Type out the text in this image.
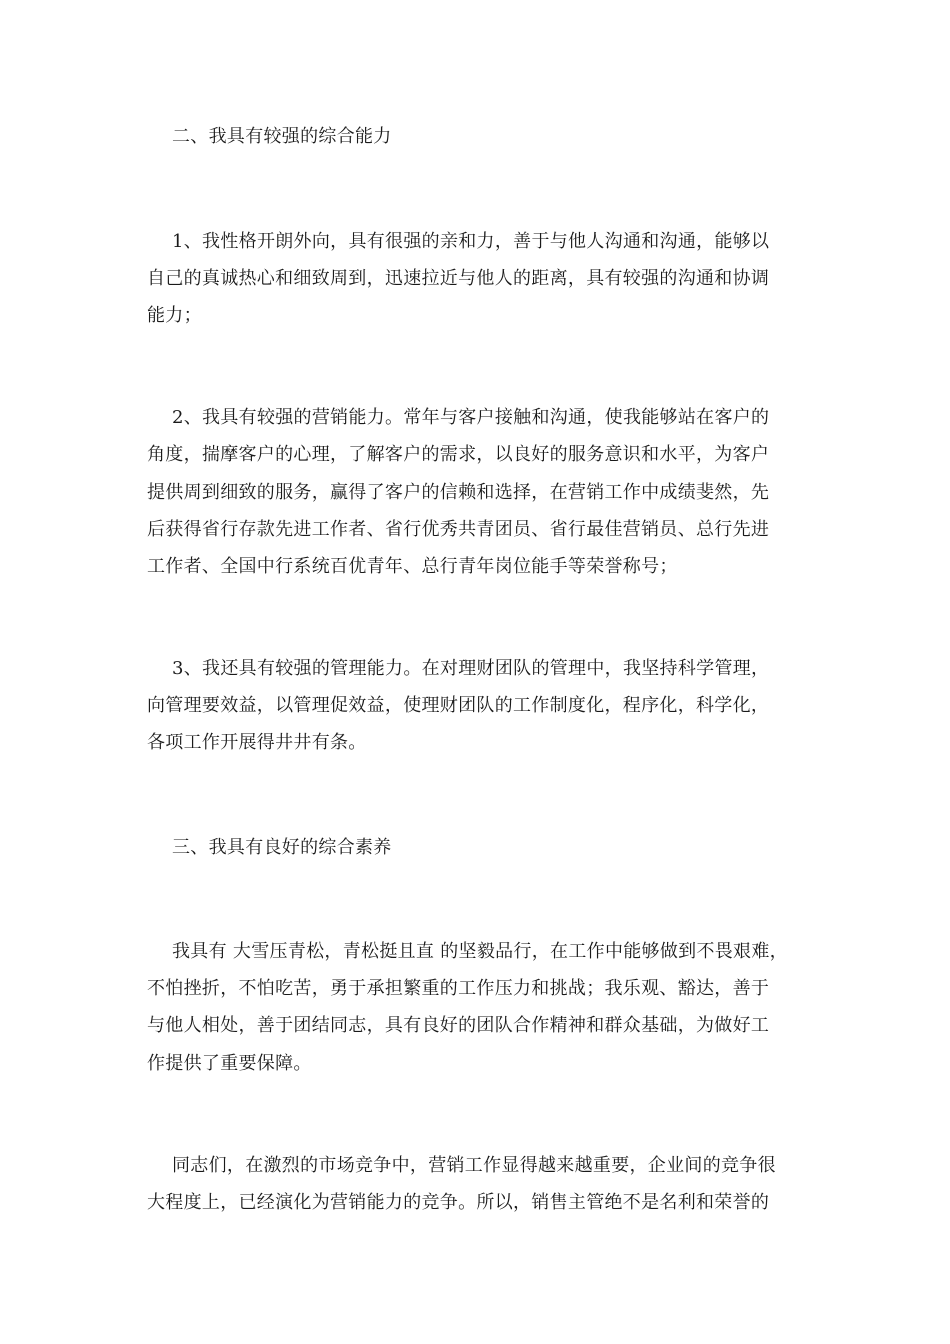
二、我具有较强的综合能力
1、我性格开朗外向，具有很强的亲和力，善于与他人沟通和沟通，能够以
自己的真诚热心和细致周到，迅速拉近与他人的距离，具有较强的沟通和协调
能力；
2、我具有较强的营销能力。常年与客户接触和沟通，使我能够站在客户的
角度，揣摩客户的心理，了解客户的需求，以良好的服务意识和水平，为客户
提供周到细致的服务，赢得了客户的信赖和选择，在营销工作中成绩斐然，先
后获得省行存款先进工作者、省行优秀共青团员、省行最佳营销员、总行先进
工作者、全国中行系统百优青年、总行青年岗位能手等荣誉称号；
3、我还具有较强的管理能力。在对理财团队的管理中，我坚持科学管理，
向管理要效益，以管理促效益，使理财团队的工作制度化，程序化，科学化，
各项工作开展得井井有条。
三、我具有良好的综合素养
我具有 大雪压青松，青松挺且直 的坚毅品行，在工作中能够做到不畏艰难，
不怕挫折，不怕吃苦，勇于承担繁重的工作压力和挑战；我乐观、豁达，善于
与他人相处，善于团结同志，具有良好的团队合作精神和群众基础，为做好工
作提供了重要保障。
同志们，在激烈的市场竞争中，营销工作显得越来越重要，企业间的竞争很
大程度上，已经演化为营销能力的竞争。所以，销售主管绝不是名利和荣誉的
